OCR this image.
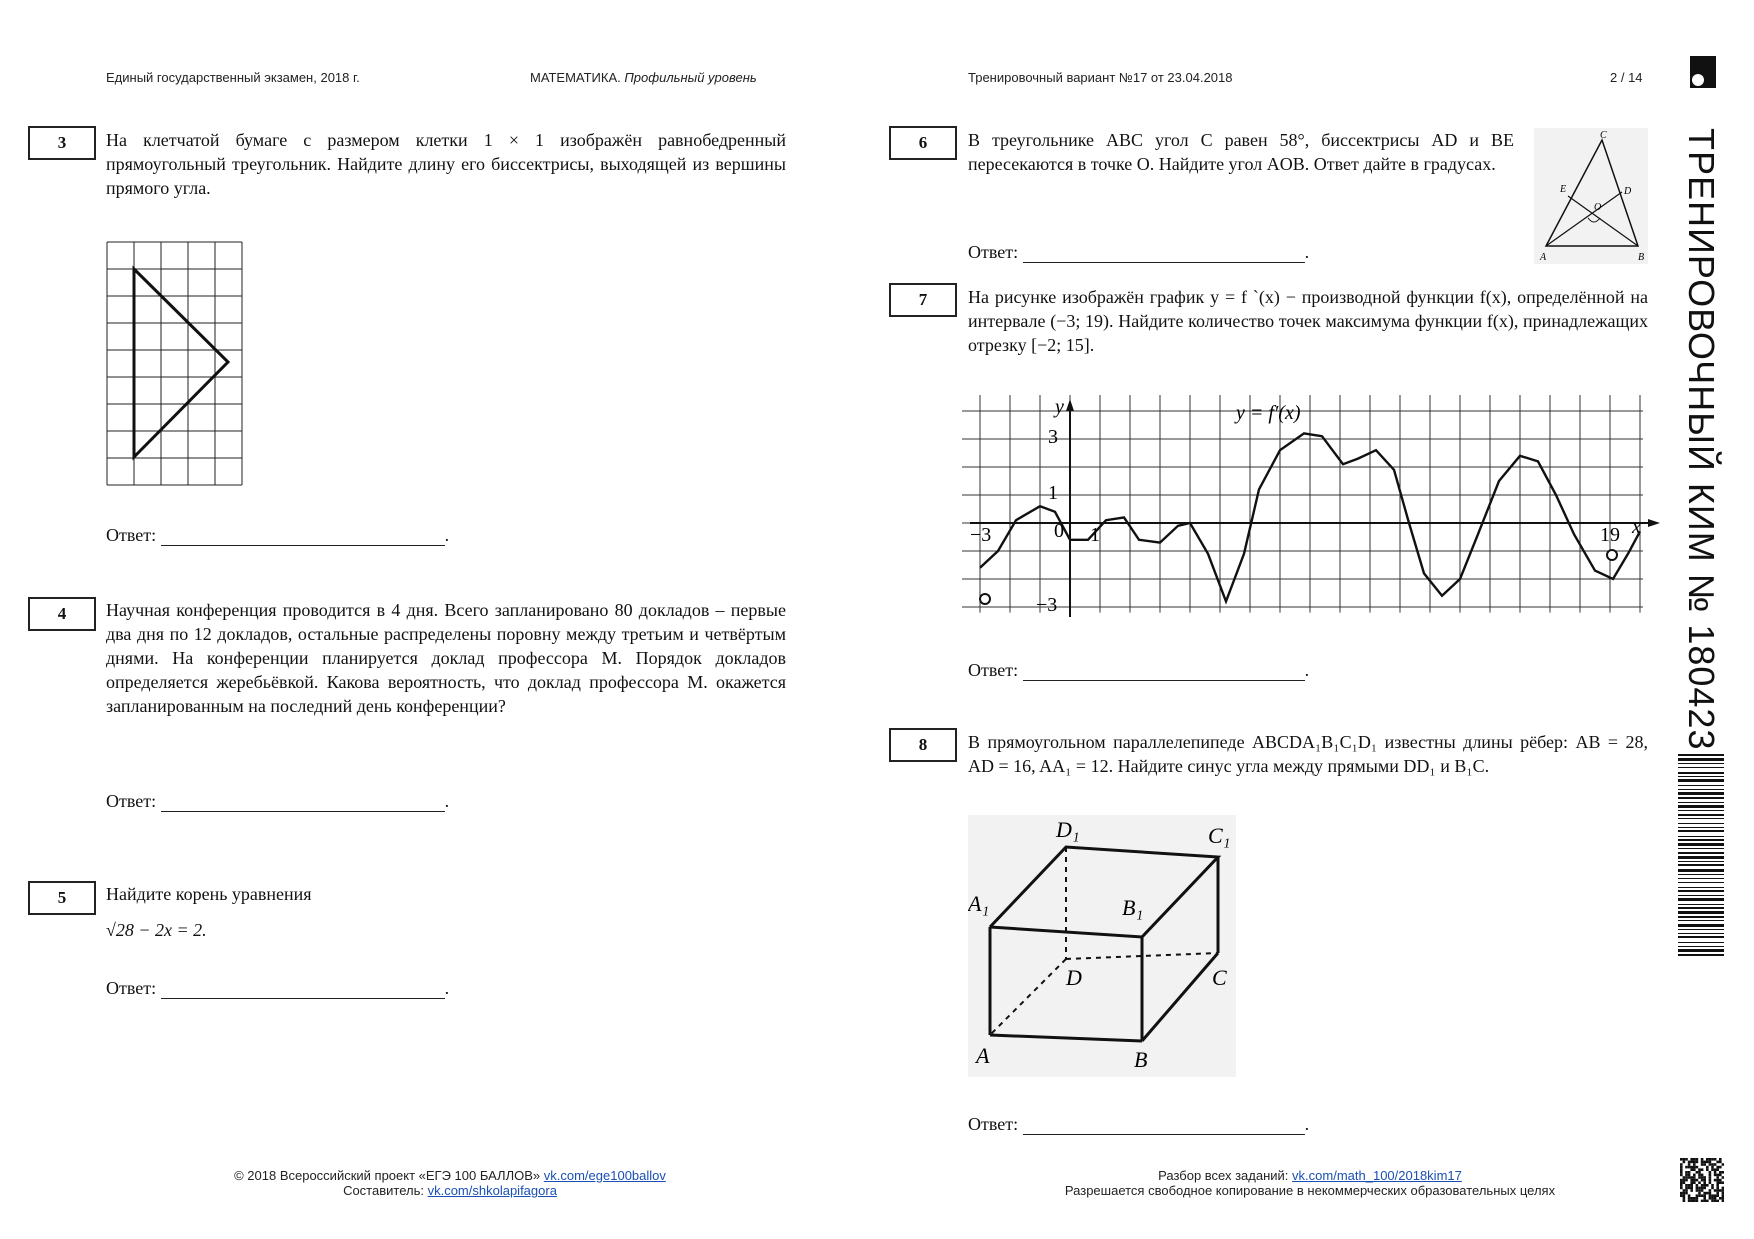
Единый государственный экзамен, 2018 г.	МАТЕМАТИКА. Профильный уровень	Тренировочный вариант №17 от 23.04.2018	2 / 14
ТРЕНИРОВОЧНЫЙ КИМ № 180423
3	На клетчатой бумаге с размером клетки 1 × 1 изображён равнобедренный прямоугольный треугольник. Найдите длину его биссектрисы, выходящей из вершины прямого угла.
Ответ:	.
4	Научная конференция проводится в 4 дня. Всего запланировано 80 докладов – первые два дня по 12 докладов, остальные распределены поровну между третьим и четвёртым днями. На конференции планируется доклад профессора М. Порядок докладов определяется жеребьёвкой. Какова вероятность, что доклад профессора М. окажется запланированным на последний день конференции?
Ответ:	.
5	Найдите корень уравнения
√28 − 2x = 2.
Ответ:	.
6	В треугольнике ABC угол C равен 58°, биссектрисы AD и BE пересекаются в точке O. Найдите угол AOB. Ответ дайте в градусах.
A	B
C
D
E
O
Ответ:	.
7	На рисунке изображён график y = f `(x) − производной функции f(x), определённой на интервале (−3; 19). Найдите количество точек максимума функции f(x), принадлежащих отрезку [−2; 15].
y
x
y = f′(x)
3
1
−3
−3	0 1	19
Ответ:	.
8	В прямоугольном параллелепипеде ABCDA₁B₁C₁D₁ известны длины рёбер: AB = 28, AD = 16, AA₁ = 12. Найдите синус угла между прямыми DD₁ и B₁C.
A	B
C
D
A₁	B₁
C₁
D₁
Ответ:	.
© 2018 Всероссийский проект «ЕГЭ 100 БАЛЛОВ» vk.com/ege100ballov
Составитель: vk.com/shkolapifagora
Разбор всех заданий: vk.com/math_100/2018kim17
Разрешается свободное копирование в некоммерческих образовательных целях
